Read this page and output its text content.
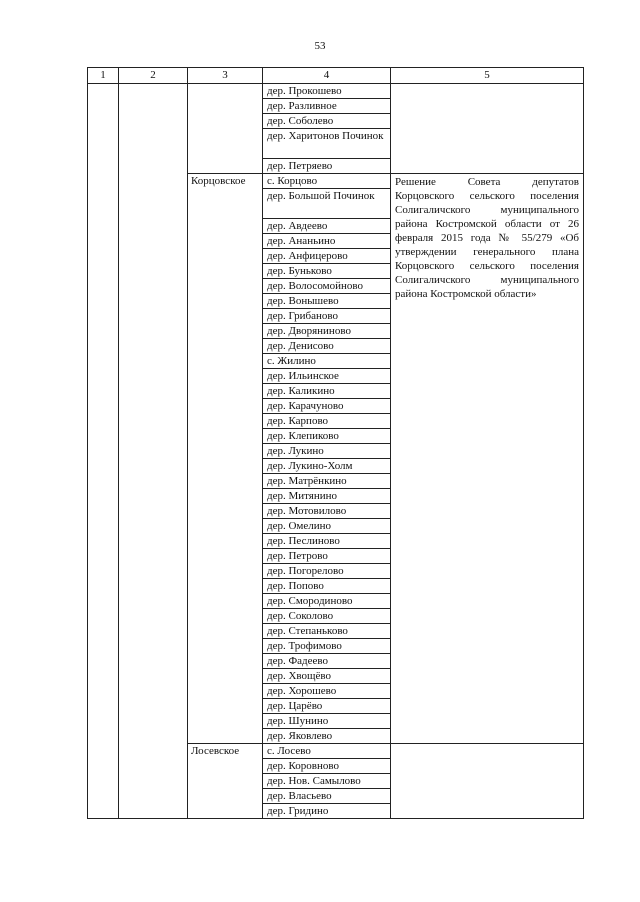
53
1	2	3	4	5
			дер. Прокошево	
			дер. Разливное	
			дер. Соболево	
			дер. Харитонов Починок	
			дер. Петряево	
		Корцовское	с. Корцово	Решение Совета депутатов Корцовского сельского поселения Солигаличского муниципального района Костромской области от 26 февраля 2015 года № 55/279 «Об утверждении генерального плана Корцовского сельского поселения Солигаличского муниципального района Костромской области»
			дер. Большой Починок	
			дер. Авдеево	
			дер. Ананьино	
			дер. Анфицерово	
			дер. Буньково	
			дер. Волосомойново	
			дер. Вонышево	
			дер. Грибаново	
			дер. Дворяниново	
			дер. Денисово	
			с. Жилино	
			дер. Ильинское	
			дер. Каликино	
			дер. Карачуново	
			дер. Карпово	
			дер. Клепиково	
			дер. Лукино	
			дер. Лукино-Холм	
			дер. Матрёнкино	
			дер. Митянино	
			дер. Мотовилово	
			дер. Омелино	
			дер. Песлиново	
			дер. Петрово	
			дер. Погорелово	
			дер. Попово	
			дер. Смородиново	
			дер. Соколово	
			дер. Степаньково	
			дер. Трофимово	
			дер. Фадеево	
			дер. Хвощёво	
			дер. Хорошево	
			дер. Царёво	
			дер. Шунино	
			дер. Яковлево	
		Лосевское	с. Лосево	
			дер. Коровново	
			дер. Нов. Самылово	
			дер. Власьево	
			дер. Гридино	
